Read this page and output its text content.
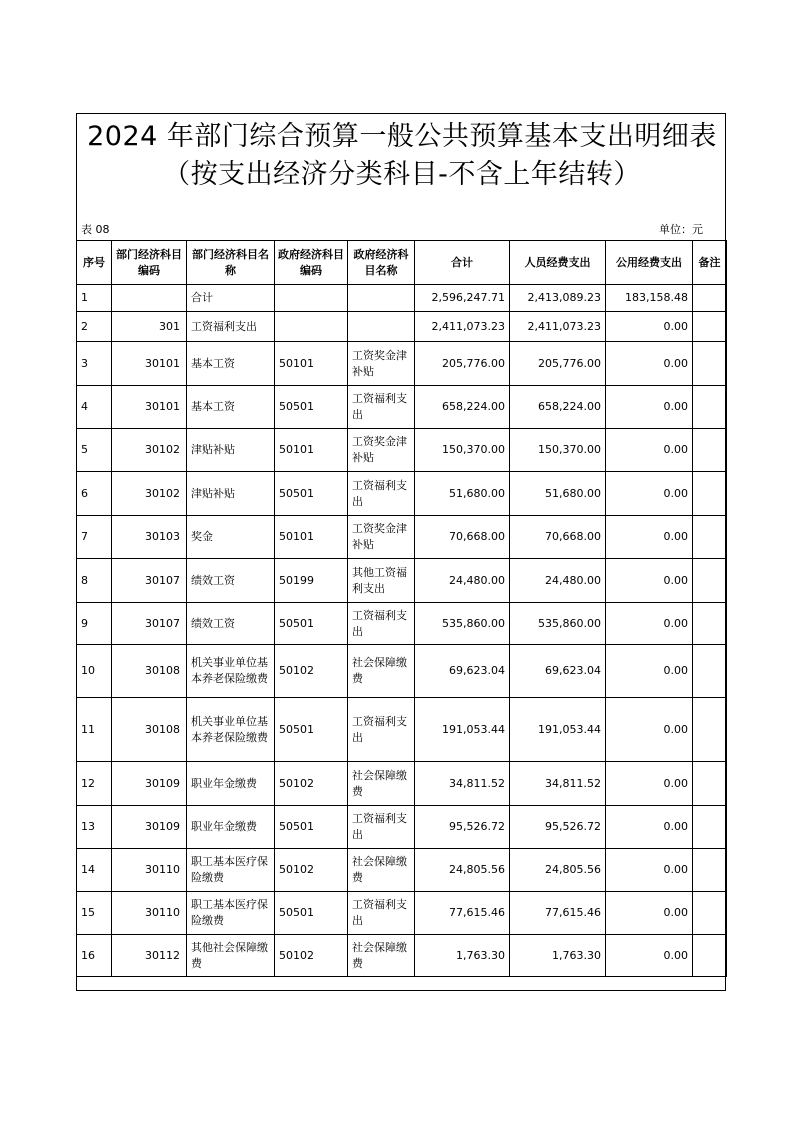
2024 年部门综合预算一般公共预算基本支出明细表（按支出经济分类科目-不含上年结转）
表 08	单位：元
序号	部门经济科目编码	部门经济科目名称	政府经济科目编码	政府经济科目名称	合计	人员经费支出	公用经费支出	备注
1		合计			2,596,247.71	2,413,089.23	183,158.48	
2	301	工资福利支出			2,411,073.23	2,411,073.23	0.00	
3	30101	基本工资	50101	工资奖金津补贴	205,776.00	205,776.00	0.00	
4	30101	基本工资	50501	工资福利支出	658,224.00	658,224.00	0.00	
5	30102	津贴补贴	50101	工资奖金津补贴	150,370.00	150,370.00	0.00	
6	30102	津贴补贴	50501	工资福利支出	51,680.00	51,680.00	0.00	
7	30103	奖金	50101	工资奖金津补贴	70,668.00	70,668.00	0.00	
8	30107	绩效工资	50199	其他工资福利支出	24,480.00	24,480.00	0.00	
9	30107	绩效工资	50501	工资福利支出	535,860.00	535,860.00	0.00	
10	30108	机关事业单位基本养老保险缴费	50102	社会保障缴费	69,623.04	69,623.04	0.00	
11	30108	机关事业单位基本养老保险缴费	50501	工资福利支出	191,053.44	191,053.44	0.00	
12	30109	职业年金缴费	50102	社会保障缴费	34,811.52	34,811.52	0.00	
13	30109	职业年金缴费	50501	工资福利支出	95,526.72	95,526.72	0.00	
14	30110	职工基本医疗保险缴费	50102	社会保障缴费	24,805.56	24,805.56	0.00	
15	30110	职工基本医疗保险缴费	50501	工资福利支出	77,615.46	77,615.46	0.00	
16	30112	其他社会保障缴费	50102	社会保障缴费	1,763.30	1,763.30	0.00	
